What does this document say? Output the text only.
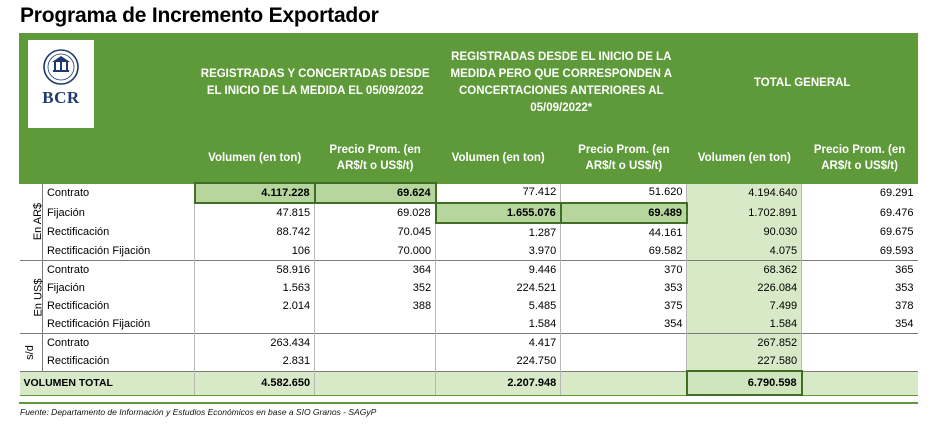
Programa de Incremento Exportador
BCR		REGISTRADAS Y CONCERTADAS DESDE EL INICIO DE LA MEDIDA EL 05/09/2022		REGISTRADAS DESDE EL INICIO DE LA MEDIDA PERO QUE CORRESPONDEN A CONCERTACIONES ANTERIORES AL 05/09/2022*		TOTAL GENERAL	
		Volumen (en ton)	Precio Prom. (en AR$/t o US$/t)	Volumen (en ton)	Precio Prom. (en AR$/t o US$/t)	Volumen (en ton)	Precio Prom. (en AR$/t o US$/t)
En AR$	Contrato	4.117.228	69.624	77.412	51.620	4.194.640	69.291
	Fijación	47.815	69.028	1.655.076	69.489	1.702.891	69.476
	Rectificación	88.742	70.045	1.287	44.161	90.030	69.675
	Rectificación Fijación	106	70.000	3.970	69.582	4.075	69.593
En US$	Contrato	58.916	364	9.446	370	68.362	365
	Fijación	1.563	352	224.521	353	226.084	353
	Rectificación	2.014	388	5.485	375	7.499	378
	Rectificación Fijación			1.584	354	1.584	354
s/d	Contrato	263.434		4.417		267.852	
	Rectificación	2.831		224.750		227.580	
VOLUMEN TOTAL		4.582.650		2.207.948		6.790.598	
Fuente: Departamento de Información y Estudios Económicos en base a SIO Granos - SAGyP
